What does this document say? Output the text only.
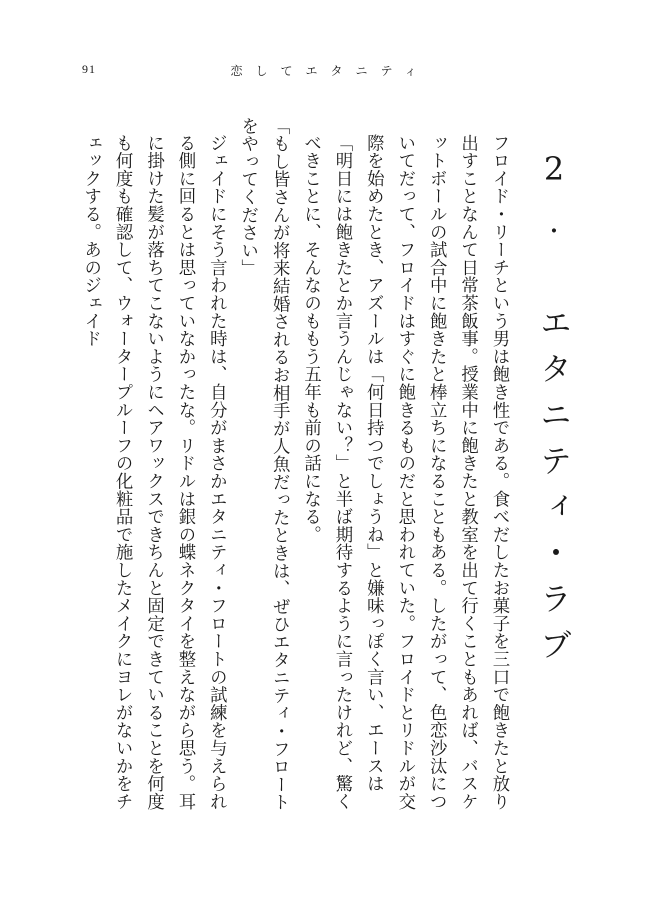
91	恋してエタニティ
2. エタニティ・ラブ

フロイド・リーチという男は飽き性である。食べだしたお菓子を三口で飽きたと放り出すことなんて日常茶飯事。授業中に飽きたと教室を出て行くこともあれば、バスケットボールの試合中に飽きたと棒立ちになることもある。したがって、色恋沙汰についてだって、フロイドはすぐに飽きるものだと思われていた。フロイドとリドルが交際を始めたとき、アズールは「何日持つでしょうね」と嫌味っぽく言い、エースは「明日には飽きたとか言うんじゃない？」と半ば期待するように言ったけれど、驚くべきことに、そんなのももう五年も前の話になる。

「もし皆さんが将来結婚されるお相手が人魚だったときは、ぜひエタニティ・フロートをやってください」

ジェイドにそう言われた時は、自分がまさかエタニティ・フロートの試練を与えられる側に回るとは思っていなかったな。リドルは銀の蝶ネクタイを整えながら思う。耳に掛けた髪が落ちてこないようにヘアワックスできちんと固定できていることを何度も何度も確認して、ウォータープルーフの化粧品で施したメイクにヨレがないかをチェックする。あのジェイド
